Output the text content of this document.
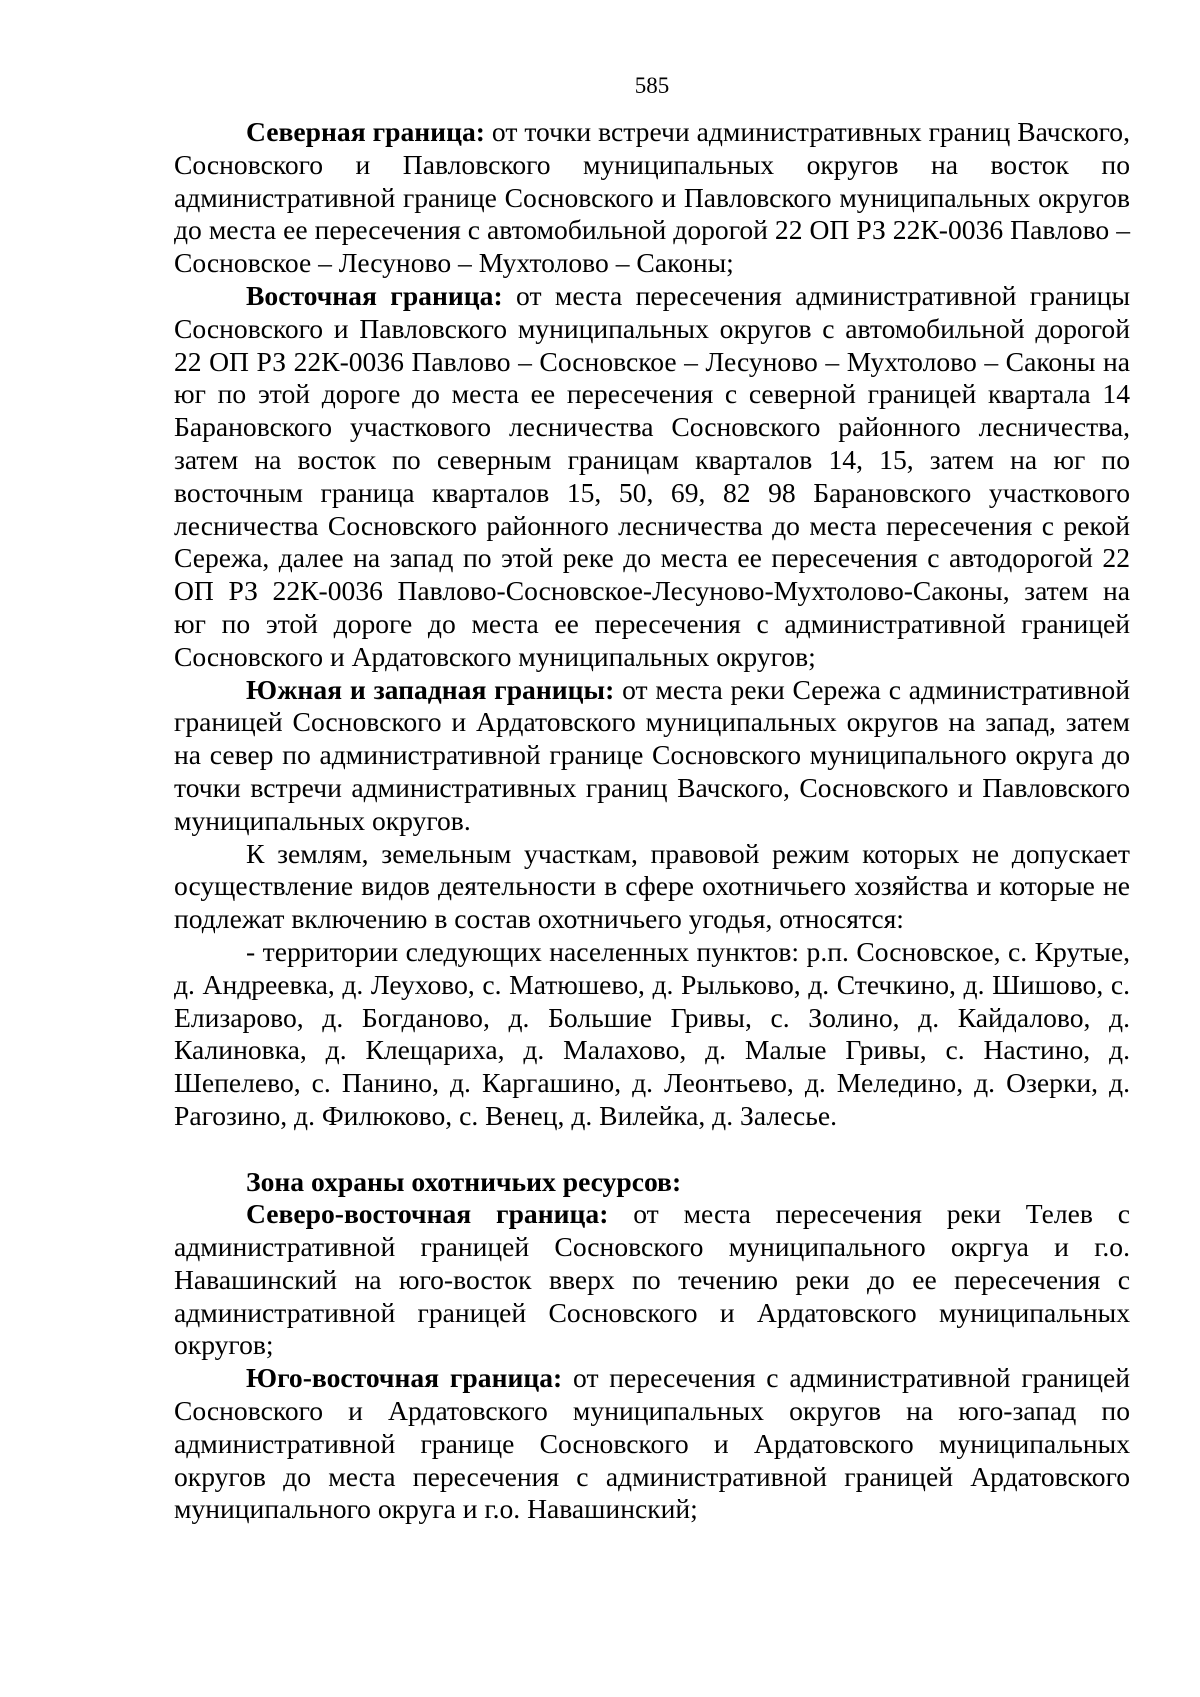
585

Северная граница: от точки встречи административных границ Вачского, Сосновского и Павловского муниципальных округов на восток по административной границе Сосновского и Павловского муниципальных округов до места ее пересечения с автомобильной дорогой 22 ОП РЗ 22К-0036 Павлово – Сосновское – Лесуново – Мухтолово – Саконы;

Восточная граница: от места пересечения административной границы Сосновского и Павловского муниципальных округов с автомобильной дорогой 22 ОП РЗ 22К-0036 Павлово – Сосновское – Лесуново – Мухтолово – Саконы на юг по этой дороге до места ее пересечения с северной границей квартала 14 Барановского участкового лесничества Сосновского районного лесничества, затем на восток по северным границам кварталов 14, 15, затем на юг по восточным граница кварталов 15, 50, 69, 82 98 Барановского участкового лесничества Сосновского районного лесничества до места пересечения с рекой Сережа, далее на запад по этой реке до места ее пересечения с автодорогой 22 ОП РЗ 22К-0036 Павлово-Сосновское-Лесуново-Мухтолово-Саконы, затем на юг по этой дороге до места ее пересечения с административной границей Сосновского и Ардатовского муниципальных округов;

Южная и западная границы: от места реки Сережа с административной границей Сосновского и Ардатовского муниципальных округов на запад, затем на север по административной границе Сосновского муниципального округа до точки встречи административных границ Вачского, Сосновского и Павловского муниципальных округов.

К землям, земельным участкам, правовой режим которых не допускает осуществление видов деятельности в сфере охотничьего хозяйства и которые не подлежат включению в состав охотничьего угодья, относятся:

- территории следующих населенных пунктов: р.п. Сосновское, с. Крутые, д. Андреевка, д. Леухово, с. Матюшево, д. Рыльково, д. Стечкино, д. Шишово, с. Елизарово, д. Богданово, д. Большие Гривы, с. Золино, д. Кайдалово, д. Калиновка, д. Клещариха, д. Малахово, д. Малые Гривы, с. Настино, д. Шепелево, с. Панино, д. Каргашино, д. Леонтьево, д. Меледино, д. Озерки, д. Рагозино, д. Филюково, с. Венец, д. Вилейка, д. Залесье.

Зона охраны охотничьих ресурсов:

Северо-восточная граница: от места пересечения реки Телев с административной границей Сосновского муниципального окргуа и г.о. Навашинский на юго-восток вверх по течению реки до ее пересечения с административной границей Сосновского и Ардатовского муниципальных округов;

Юго-восточная граница: от пересечения с административной границей Сосновского и Ардатовского муниципальных округов на юго-запад по административной границе Сосновского и Ардатовского муниципальных округов до места пересечения с административной границей Ардатовского муниципального округа и г.о. Навашинский;
